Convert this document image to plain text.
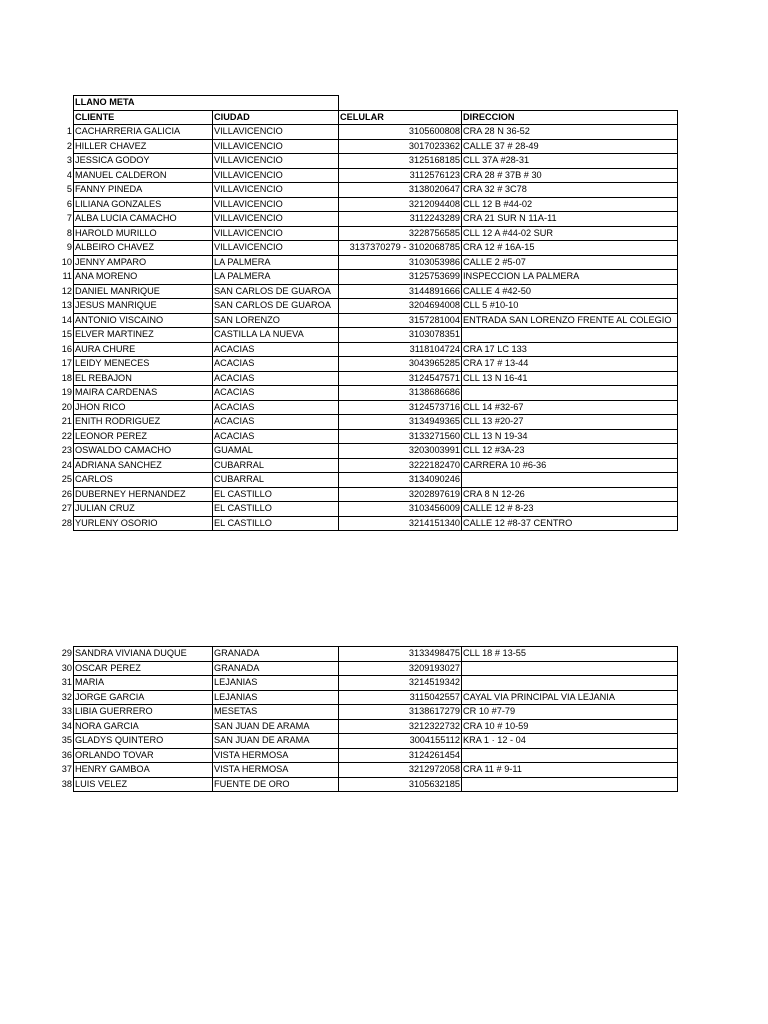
	LLANO META			
	CLIENTE	CIUDAD	CELULAR	DIRECCION
1	CACHARRERIA GALICIA	VILLAVICENCIO	3105600808	CRA 28 N 36-52
2	HILLER CHAVEZ	VILLAVICENCIO	3017023362	CALLE 37 # 28-49
3	JESSICA GODOY	VILLAVICENCIO	3125168185	CLL 37A #28-31
4	MANUEL CALDERON	VILLAVICENCIO	3112576123	CRA 28 # 37B # 30
5	FANNY PINEDA	VILLAVICENCIO	3138020647	CRA 32 # 3C78
6	LILIANA GONZALES	VILLAVICENCIO	3212094408	CLL 12 B #44-02
7	ALBA LUCIA CAMACHO	VILLAVICENCIO	3112243289	CRA 21 SUR N 11A-11
8	HAROLD MURILLO	VILLAVICENCIO	3228756585	CLL 12 A #44-02 SUR
9	ALBEIRO CHAVEZ	VILLAVICENCIO	3137370279 - 3102068785	CRA 12 # 16A-15
10	JENNY AMPARO	LA PALMERA	3103053986	CALLE 2 #5-07
11	ANA MORENO	LA PALMERA	3125753699	INSPECCION LA PALMERA
12	DANIEL MANRIQUE	SAN CARLOS DE GUAROA	3144891666	CALLE 4 #42-50
13	JESUS MANRIQUE	SAN CARLOS DE GUAROA	3204694008	CLL 5 #10-10
14	ANTONIO VISCAINO	SAN LORENZO	3157281004	ENTRADA SAN LORENZO FRENTE AL COLEGIO
15	ELVER MARTINEZ	CASTILLA LA NUEVA	3103078351	
16	AURA CHURE	ACACIAS	3118104724	CRA 17 LC 133
17	LEIDY MENECES	ACACIAS	3043965285	CRA 17 # 13-44
18	EL REBAJON	ACACIAS	3124547571	CLL 13 N 16-41
19	MAIRA CARDENAS	ACACIAS	3138686686	
20	JHON RICO	ACACIAS	3124573716	CLL 14 #32-67
21	ENITH RODRIGUEZ	ACACIAS	3134949365	CLL 13 #20-27
22	LEONOR PEREZ	ACACIAS	3133271560	CLL 13 N 19-34
23	OSWALDO CAMACHO	GUAMAL	3203003991	CLL 12 #3A-23
24	ADRIANA SANCHEZ	CUBARRAL	3222182470	CARRERA 10 #6-36
25	CARLOS	CUBARRAL	3134090246	
26	DUBERNEY HERNANDEZ	EL CASTILLO	3202897619	CRA 8 N 12-26
27	JULIAN CRUZ	EL CASTILLO	3103456009	CALLE 12 # 8-23
28	YURLENY OSORIO	EL CASTILLO	3214151340	CALLE 12 #8-37 CENTRO
29	SANDRA VIVIANA DUQUE	GRANADA	3133498475	CLL 18 # 13-55
30	OSCAR PEREZ	GRANADA	3209193027	
31	MARIA	LEJANIAS	3214519342	
32	JORGE GARCIA	LEJANIAS	3115042557	CAYAL VIA PRINCIPAL VIA LEJANIA
33	LIBIA GUERRERO	MESETAS	3138617279	CR 10 #7-79
34	NORA GARCIA	SAN JUAN DE ARAMA	3212322732	CRA 10 # 10-59
35	GLADYS QUINTERO	SAN JUAN DE ARAMA	3004155112	KRA 1 · 12 - 04
36	ORLANDO TOVAR	VISTA HERMOSA	3124261454	
37	HENRY GAMBOA	VISTA HERMOSA	3212972058	CRA 11 # 9-11
38	LUIS VELEZ	FUENTE DE ORO	3105632185	
